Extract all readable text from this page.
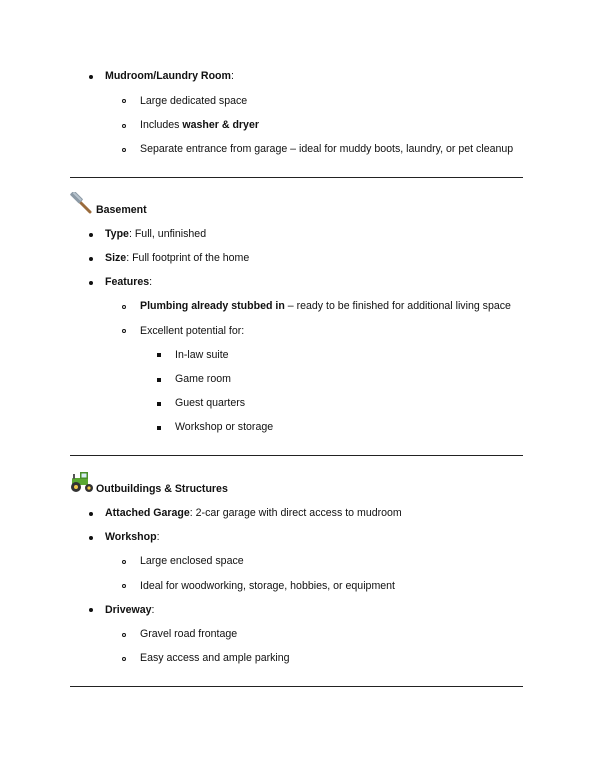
Mudroom/Laundry Room:
Large dedicated space
Includes washer & dryer
Separate entrance from garage – ideal for muddy boots, laundry, or pet cleanup
Basement
Type: Full, unfinished
Size: Full footprint of the home
Features:
Plumbing already stubbed in – ready to be finished for additional living space
Excellent potential for:
In-law suite
Game room
Guest quarters
Workshop or storage
Outbuildings & Structures
Attached Garage: 2-car garage with direct access to mudroom
Workshop:
Large enclosed space
Ideal for woodworking, storage, hobbies, or equipment
Driveway:
Gravel road frontage
Easy access and ample parking
